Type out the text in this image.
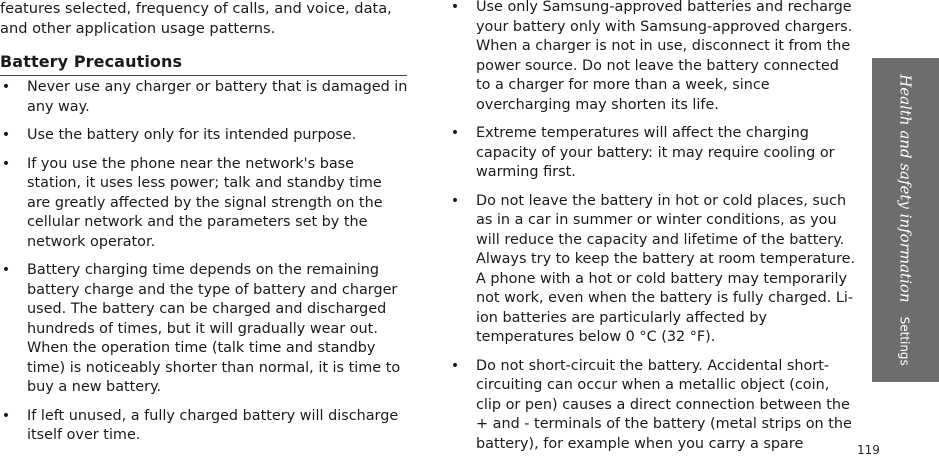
features selected, frequency of calls, and voice, data, and other application usage patterns.

Battery Precautions
• Never use any charger or battery that is damaged in any way.
• Use the battery only for its intended purpose.
• If you use the phone near the network's base station, it uses less power; talk and standby time are greatly affected by the signal strength on the cellular network and the parameters set by the network operator.
• Battery charging time depends on the remaining battery charge and the type of battery and charger used. The battery can be charged and discharged hundreds of times, but it will gradually wear out. When the operation time (talk time and standby time) is noticeably shorter than normal, it is time to buy a new battery.
• If left unused, a fully charged battery will discharge itself over time.
• Use only Samsung-approved batteries and recharge your battery only with Samsung-approved chargers. When a charger is not in use, disconnect it from the power source. Do not leave the battery connected to a charger for more than a week, since overcharging may shorten its life.
• Extreme temperatures will affect the charging capacity of your battery: it may require cooling or warming first.
• Do not leave the battery in hot or cold places, such as in a car in summer or winter conditions, as you will reduce the capacity and lifetime of the battery. Always try to keep the battery at room temperature. A phone with a hot or cold battery may temporarily not work, even when the battery is fully charged. Li-ion batteries are particularly affected by temperatures below 0 °C (32 °F).
• Do not short-circuit the battery. Accidental short-circuiting can occur when a metallic object (coin, clip or pen) causes a direct connection between the + and - terminals of the battery (metal strips on the battery), for example when you carry a spare
Health and safety informationSettings
119
